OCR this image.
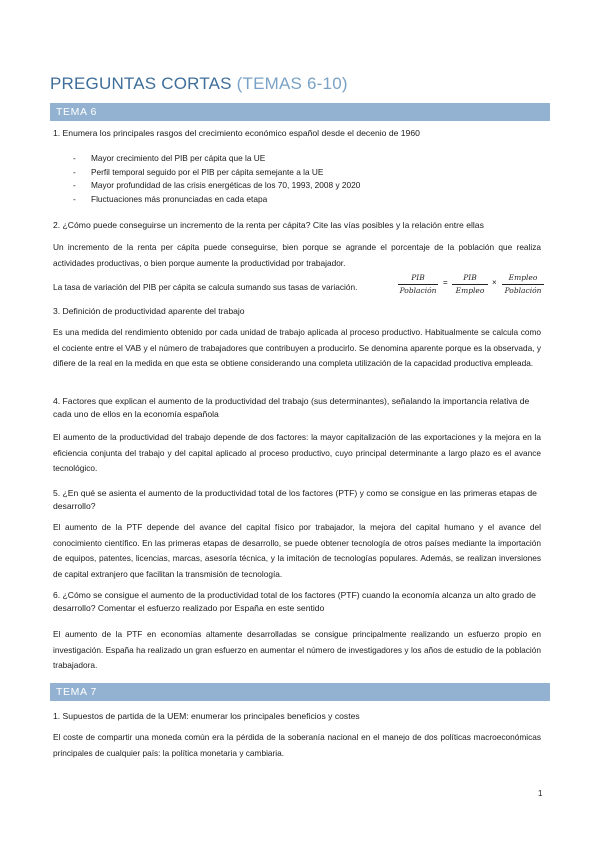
PREGUNTAS CORTAS (TEMAS 6-10)
TEMA 6
1. Enumera los principales rasgos del crecimiento económico español desde el decenio de 1960
- Mayor crecimiento del PIB per cápita que la UE
- Perfil temporal seguido por el PIB per cápita semejante a la UE
- Mayor profundidad de las crisis energéticas de los 70, 1993, 2008 y 2020
- Fluctuaciones más pronunciadas en cada etapa
2. ¿Cómo puede conseguirse un incremento de la renta per cápita? Cite las vías posibles y la relación entre ellas
Un incremento de la renta per cápita puede conseguirse, bien porque se agrande el porcentaje de la población que realiza actividades productivas, o bien porque aumente la productividad por trabajador.
La tasa de variación del PIB per cápita se calcula sumando sus tasas de variación.
PIB
Población
=
PIB
Empleo
×
Empleo
Población
3. Definición de productividad aparente del trabajo
Es una medida del rendimiento obtenido por cada unidad de trabajo aplicada al proceso productivo. Habitualmente se calcula como el cociente entre el VAB y el número de trabajadores que contribuyen a producirlo. Se denomina aparente porque es la observada, y difiere de la real en la medida en que esta se obtiene considerando una completa utilización de la capacidad productiva empleada.
4. Factores que explican el aumento de la productividad del trabajo (sus determinantes), señalando la importancia relativa de cada uno de ellos en la economía española
El aumento de la productividad del trabajo depende de dos factores: la mayor capitalización de las exportaciones y la mejora en la eficiencia conjunta del trabajo y del capital aplicado al proceso productivo, cuyo principal determinante a largo plazo es el avance tecnológico.
5. ¿En qué se asienta el aumento de la productividad total de los factores (PTF) y como se consigue en las primeras etapas de desarrollo?
El aumento de la PTF depende del avance del capital físico por trabajador, la mejora del capital humano y el avance del conocimiento científico. En las primeras etapas de desarrollo, se puede obtener tecnología de otros países mediante la importación de equipos, patentes, licencias, marcas, asesoría técnica, y la imitación de tecnologías populares. Además, se realizan inversiones de capital extranjero que facilitan la transmisión de tecnología.
6. ¿Cómo se consigue el aumento de la productividad total de los factores (PTF) cuando la economía alcanza un alto grado de desarrollo? Comentar el esfuerzo realizado por España en este sentido
El aumento de la PTF en economías altamente desarrolladas se consigue principalmente realizando un esfuerzo propio en investigación. España ha realizado un gran esfuerzo en aumentar el número de investigadores y los años de estudio de la población trabajadora.
TEMA 7
1. Supuestos de partida de la UEM: enumerar los principales beneficios y costes
El coste de compartir una moneda común era la pérdida de la soberanía nacional en el manejo de dos políticas macroeconómicas principales de cualquier país: la política monetaria y cambiaria.
1
